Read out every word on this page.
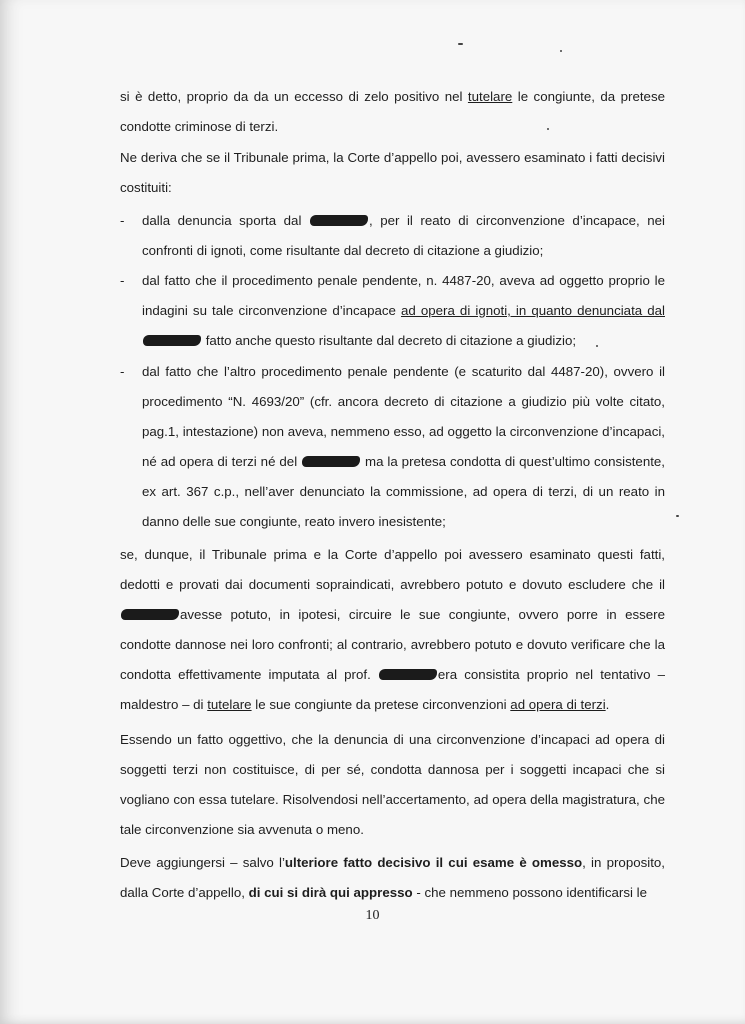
si è detto, proprio da da un eccesso di zelo positivo nel tutelare le congiunte, da pretese condotte criminose di terzi.
Ne deriva che se il Tribunale prima, la Corte d’appello poi, avessero esaminato i fatti decisivi costituiti:
- dalla denuncia sporta dal	, per il reato di circonvenzione d’incapace, nei confronti di ignoti, come risultante dal decreto di citazione a giudizio;
- dal fatto che il procedimento penale pendente, n. 4487-20, aveva ad oggetto proprio le indagini su tale circonvenzione d’incapace ad opera di ignoti, in quanto denunciata dal  fatto anche questo risultante dal decreto di citazione a giudizio;
- dal fatto che l’altro procedimento penale pendente (e scaturito dal 4487-20), ovvero il procedimento “N. 4693/20” (cfr. ancora decreto di citazione a giudizio più volte citato, pag.1, intestazione) non aveva, nemmeno esso, ad oggetto la circonvenzione d’incapaci, né ad opera di terzi né del	ma la pretesa condotta di quest’ultimo consistente, ex art. 367 c.p., nell’aver denunciato la commissione, ad opera di terzi, di un reato in danno delle sue congiunte, reato invero inesistente;
se, dunque, il Tribunale prima e la Corte d’appello poi avessero esaminato questi fatti, dedotti e provati dai documenti sopraindicati, avrebbero potuto e dovuto escludere che il avesse potuto, in ipotesi, circuire le sue congiunte, ovvero porre in essere condotte dannose nei loro confronti; al contrario, avrebbero potuto e dovuto verificare che la condotta effettivamente imputata al prof.	era consistita proprio nel tentativo – maldestro – di tutelare le sue congiunte da pretese circonvenzioni ad opera di terzi.
Essendo un fatto oggettivo, che la denuncia di una circonvenzione d’incapaci ad opera di soggetti terzi non costituisce, di per sé, condotta dannosa per i soggetti incapaci che si vogliano con essa tutelare. Risolvendosi nell’accertamento, ad opera della magistratura, che tale circonvenzione sia avvenuta o meno.
Deve aggiungersi – salvo l’ulteriore fatto decisivo il cui esame è omesso, in proposito, dalla Corte d’appello, di cui si dirà qui appresso - che nemmeno possono identificarsi le
10
